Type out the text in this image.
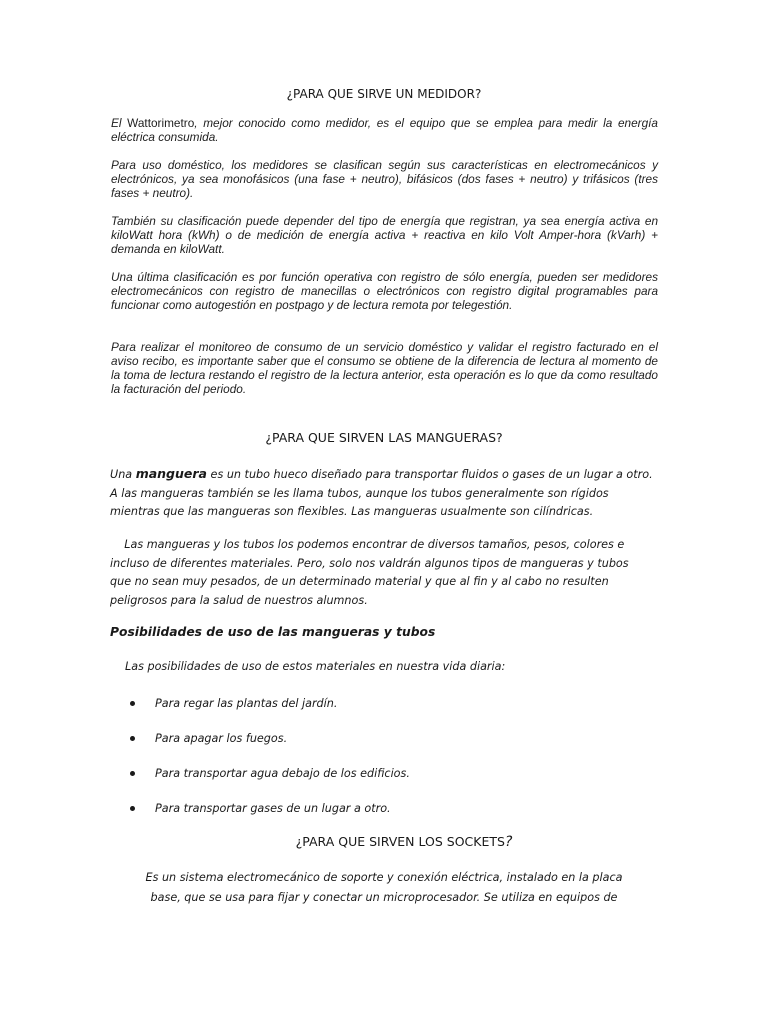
¿PARA QUE SIRVE UN MEDIDOR?
El Wattorimetro, mejor conocido como medidor, es el equipo que se emplea para medir la energía eléctrica consumida.
Para uso doméstico, los medidores se clasifican según sus características en electromecánicos y electrónicos, ya sea monofásicos (una fase + neutro), bifásicos (dos fases + neutro) y trifásicos (tres fases + neutro).
También su clasificación puede depender del tipo de energía que registran, ya sea energía activa en kiloWatt hora (kWh) o de medición de energía activa + reactiva en kilo Volt Amper-hora (kVarh) + demanda en kiloWatt.
Una última clasificación es por función operativa con registro de sólo energía, pueden ser medidores electromecánicos con registro de manecillas o electrónicos con registro digital programables para funcionar como autogestión en postpago y de lectura remota por telegestión.
Para realizar el monitoreo de consumo de un servicio doméstico y validar el registro facturado en el aviso recibo, es importante saber que el consumo se obtiene de la diferencia de lectura al momento de la toma de lectura restando el registro de la lectura anterior, esta operación es lo que da como resultado la facturación del periodo.
¿PARA QUE SIRVEN LAS MANGUERAS?
Una manguera es un tubo hueco diseñado para transportar fluidos o gases de un lugar a otro.
A las mangueras también se les llama tubos, aunque los tubos generalmente son rígidos
mientras que las mangueras son flexibles. Las mangueras usualmente son cilíndricas.
Las mangueras y los tubos los podemos encontrar de diversos tamaños, pesos, colores e
incluso de diferentes materiales. Pero, solo nos valdrán algunos tipos de mangueras y tubos
que no sean muy pesados, de un determinado material y que al fin y al cabo no resulten
peligrosos para la salud de nuestros alumnos.
Posibilidades de uso de las mangueras y tubos
Las posibilidades de uso de estos materiales en nuestra vida diaria:
Para regar las plantas del jardín.
Para apagar los fuegos.
Para transportar agua debajo de los edificios.
Para transportar gases de un lugar a otro.
¿PARA QUE SIRVEN LOS SOCKETS?
Es un sistema electromecánico de soporte y conexión eléctrica, instalado en la placa
base, que se usa para fijar y conectar un microprocesador. Se utiliza en equipos de
